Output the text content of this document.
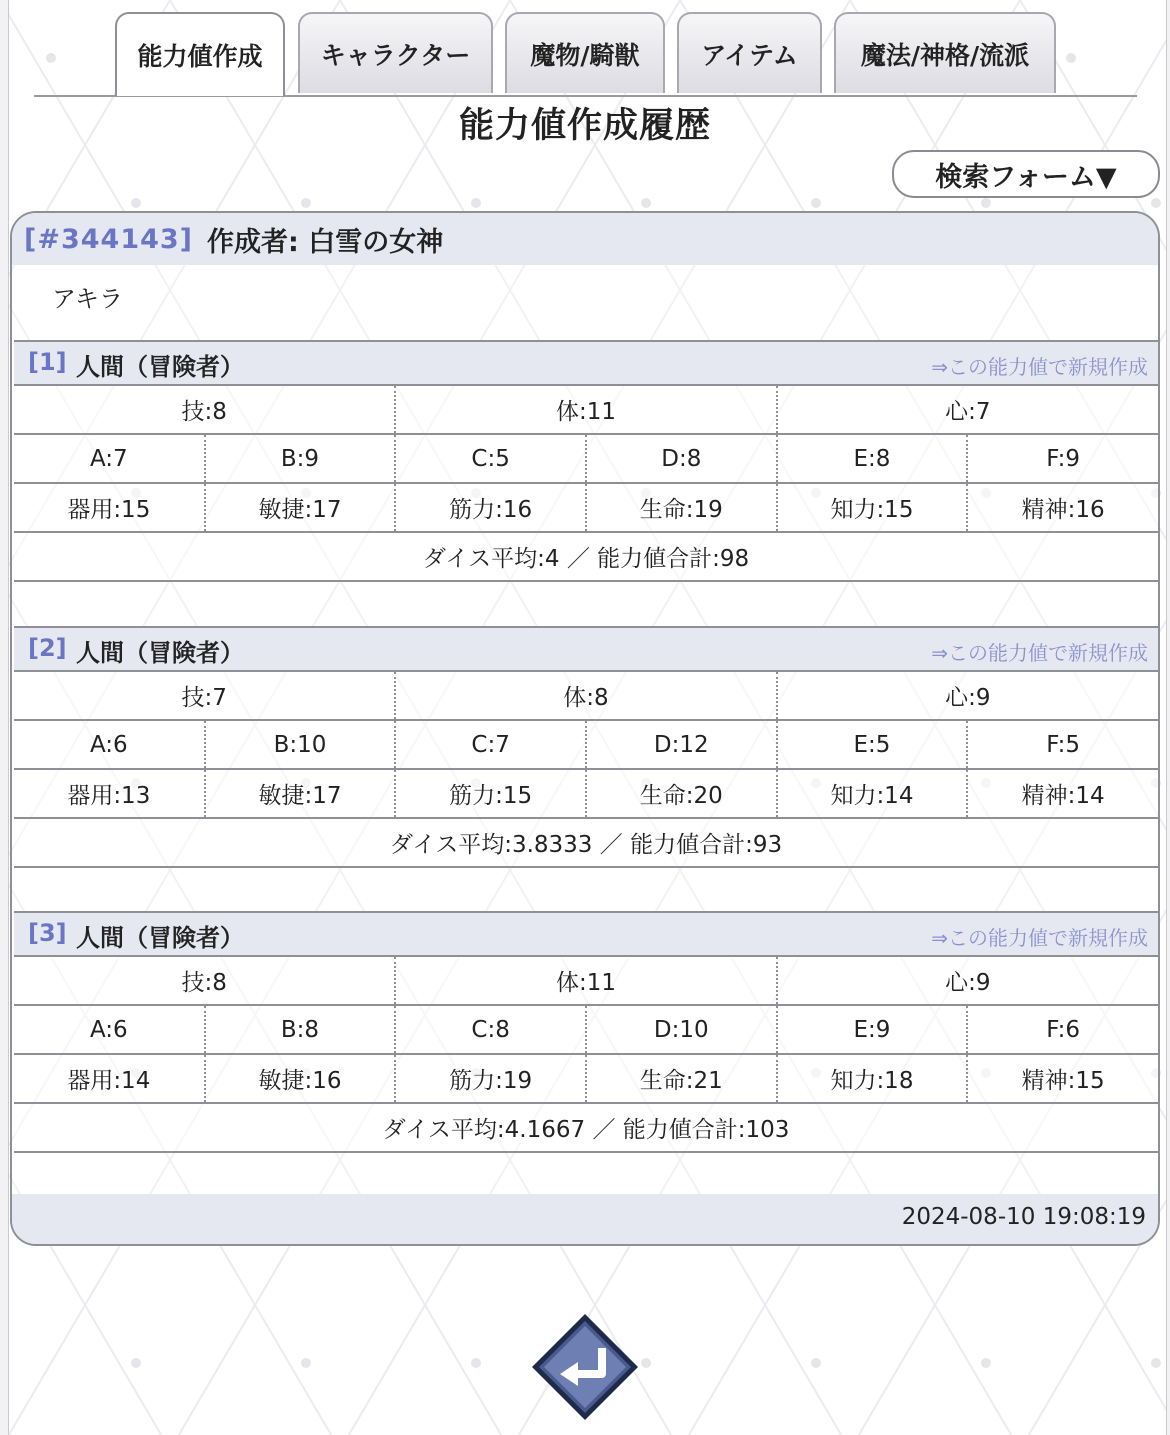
能力値作成	キャラクター	魔物/騎獣	アイテム	魔法/神格/流派
能力値作成履歴
検索フォーム▼
[#344143] 作成者: 白雪の女神
アキラ
[1] 人間（冒険者）	⇒この能力値で新規作成
技:8		体:11		心:7	
A:7	B:9	C:5	D:8	E:8	F:9
器用:15	敏捷:17	筋力:16	生命:19	知力:15	精神:16
ダイス平均:4 ／ 能力値合計:98					
[2] 人間（冒険者）	⇒この能力値で新規作成
技:7		体:8		心:9	
A:6	B:10	C:7	D:12	E:5	F:5
器用:13	敏捷:17	筋力:15	生命:20	知力:14	精神:14
ダイス平均:3.8333 ／ 能力値合計:93					
[3] 人間（冒険者）	⇒この能力値で新規作成
技:8		体:11		心:9	
A:6	B:8	C:8	D:10	E:9	F:6
器用:14	敏捷:16	筋力:19	生命:21	知力:18	精神:15
ダイス平均:4.1667 ／ 能力値合計:103					
2024-08-10 19:08:19
